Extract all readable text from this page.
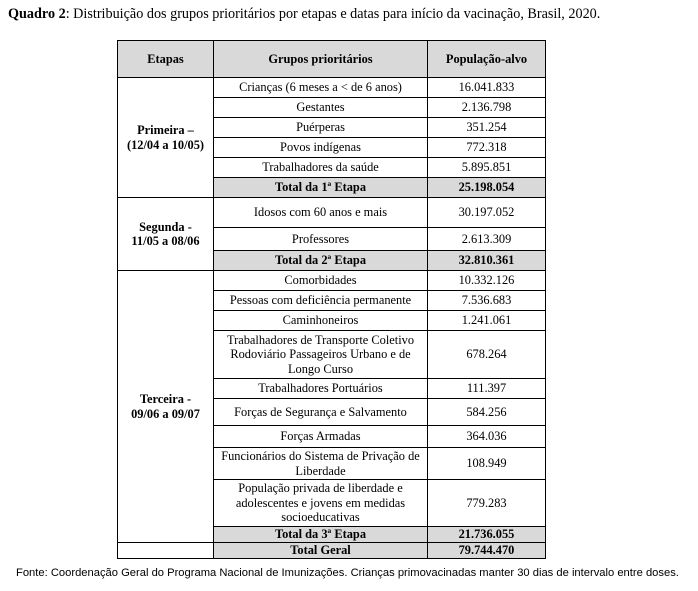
Quadro 2: Distribuição dos grupos prioritários por etapas e datas para início da vacinação, Brasil, 2020.
Etapas	Grupos prioritários	População-alvo
Primeira –
(12/04 a 10/05)	Crianças (6 meses a < de 6 anos)	16.041.833
	Gestantes	2.136.798
	Puérperas	351.254
	Povos indígenas	772.318
	Trabalhadores da saúde	5.895.851
	Total da 1ª Etapa	25.198.054
Segunda -
11/05 a 08/06	Idosos com 60 anos e mais	30.197.052
	Professores	2.613.309
	Total da 2ª Etapa	32.810.361
Terceira -
09/06 a 09/07	Comorbidades	10.332.126
	Pessoas com deficiência permanente	7.536.683
	Caminhoneiros	1.241.061
	Trabalhadores de Transporte Coletivo Rodoviário Passageiros Urbano e de Longo Curso	678.264
	Trabalhadores Portuários	111.397
	Forças de Segurança e Salvamento	584.256
	Forças Armadas	364.036
	Funcionários do Sistema de Privação de Liberdade	108.949
	População privada de liberdade e adolescentes e jovens em medidas socioeducativas	779.283
	Total da 3ª Etapa	21.736.055
	Total Geral	79.744.470
Fonte: Coordenação Geral do Programa Nacional de Imunizações. Crianças primovacinadas manter 30 dias de intervalo entre doses.
